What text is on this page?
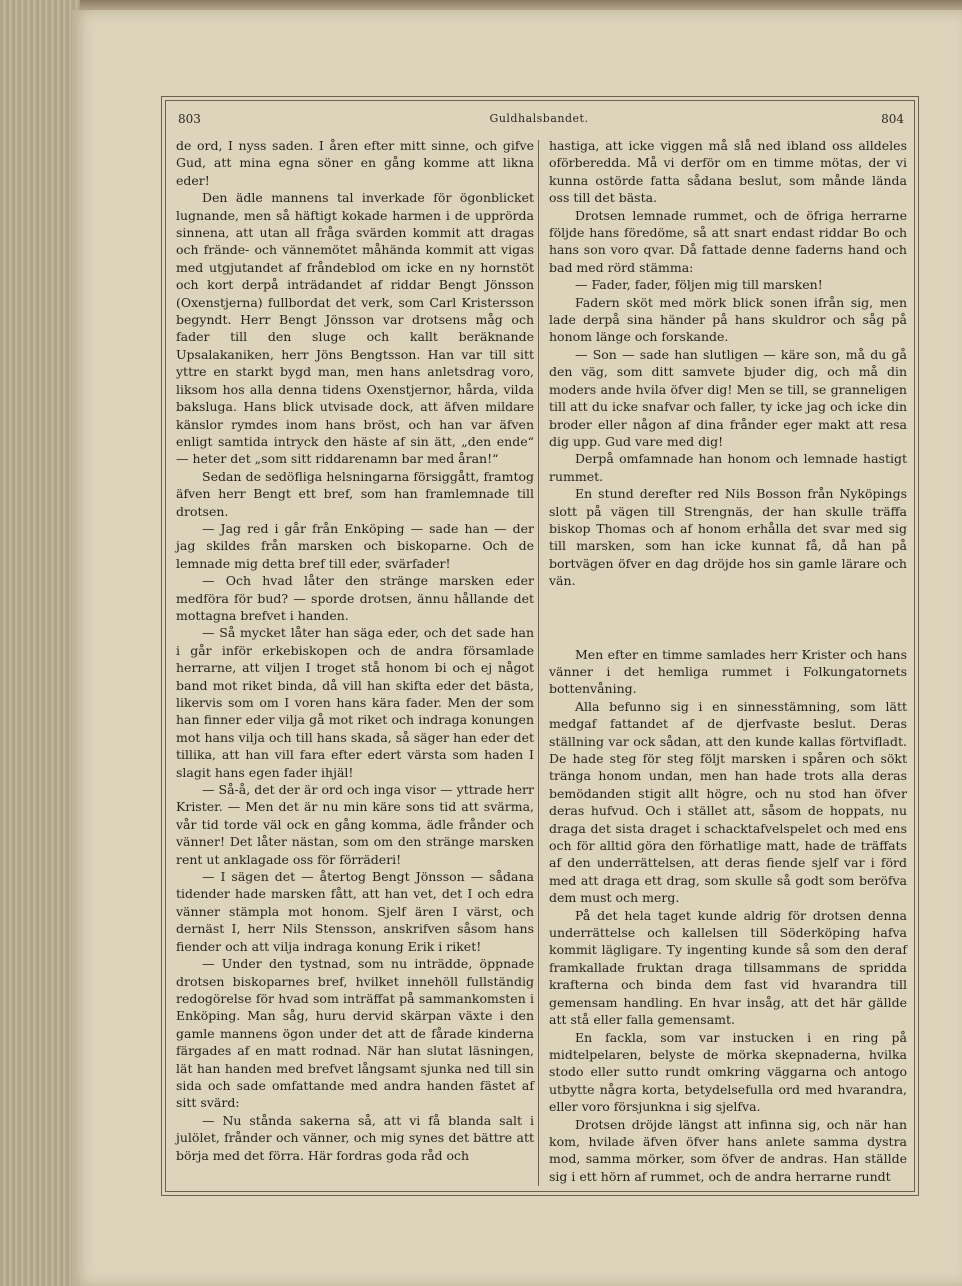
803	Guldhalsbandet.	804

de ord, I nyss saden. I åren efter mitt sinne, och gifve Gud, att mina egna söner en gång komme att likna eder!

Den ädle mannens tal inverkade för ögonblicket lugnande, men så häftigt kokade harmen i de upprörda sinnena, att utan all fråga svärden kommit att dragas och frände- och vännemötet måhända kommit att vigas med utgjutandet af fråndeblod om icke en ny hornstöt och kort derpå inträdandet af riddar Bengt Jönsson (Oxenstjerna) fullbordat det verk, som Carl Kristersson begyndt. Herr Bengt Jönsson var drotsens måg och fader till den sluge och kallt beräknande Upsalakaniken, herr Jöns Bengtsson. Han var till sitt yttre en starkt bygd man, men hans anletsdrag voro, liksom hos alla denna tidens Oxenstjernor, hårda, vilda baksluga. Hans blick utvisade dock, att äfven mildare känslor rymdes inom hans bröst, och han var äfven enligt samtida intryck den häste af sin ätt, „den ende“ — heter det „som sitt riddarenamn bar med åran!“

Sedan de sedöfliga helsningarna försiggått, framtog äfven herr Bengt ett bref, som han framlemnade till drotsen.

— Jag red i går från Enköping — sade han — der jag skildes från marsken och biskoparne. Och de lemnade mig detta bref till eder, svärfader!

— Och hvad låter den stränge marsken eder medföra för bud? — sporde drotsen, ännu hållande det mottagna brefvet i handen.

— Så mycket låter han säga eder, och det sade han i går inför erkebiskopen och de andra församlade herrarne, att viljen I troget stå honom bi och ej något band mot riket binda, då vill han skifta eder det bästa, likervis som om I voren hans kära fader. Men der som han finner eder vilja gå mot riket och indraga konungen mot hans vilja och till hans skada, så säger han eder det tillika, att han vill fara efter edert värsta som haden I slagit hans egen fader ihjäl!

— Så-å, det der är ord och inga visor — yttrade herr Krister. — Men det är nu min käre sons tid att svärma, vår tid torde väl ock en gång komma, ädle frånder och vänner! Det låter nästan, som om den stränge marsken rent ut anklagade oss för förräderi!

— I sägen det — återtog Bengt Jönsson — sådana tidender hade marsken fått, att han vet, det I och edra vänner stämpla mot honom. Sjelf ären I värst, och dernäst I, herr Nils Stensson, anskrifven såsom hans fiender och att vilja indraga konung Erik i riket!

— Under den tystnad, som nu inträdde, öppnade drotsen biskoparnes bref, hvilket innehöll fullständig redogörelse för hvad som inträffat på sammankomsten i Enköping. Man såg, huru dervid skärpan växte i den gamle mannens ögon under det att de fårade kinderna färgades af en matt rodnad. När han slutat läsningen, lät han handen med brefvet långsamt sjunka ned till sin sida och sade omfattande med andra handen fästet af sitt svärd:

— Nu stånda sakerna så, att vi få blanda salt i julölet, frånder och vänner, och mig synes det bättre att börja med det förra. Här fordras goda råd och

hastiga, att icke viggen må slå ned ibland oss alldeles oförberedda. Må vi derför om en timme mötas, der vi kunna ostörde fatta sådana beslut, som månde lända oss till det bästa.

Drotsen lemnade rummet, och de öfriga herrarne följde hans föredöme, så att snart endast riddar Bo och hans son voro qvar. Då fattade denne faderns hand och bad med rörd stämma:

— Fader, fader, följen mig till marsken!

Fadern sköt med mörk blick sonen ifrån sig, men lade derpå sina händer på hans skuldror och såg på honom länge och forskande.

— Son — sade han slutligen — käre son, må du gå den väg, som ditt samvete bjuder dig, och må din moders ande hvila öfver dig! Men se till, se granneligen till att du icke snafvar och faller, ty icke jag och icke din broder eller någon af dina frånder eger makt att resa dig upp. Gud vare med dig!

Derpå omfamnade han honom och lemnade hastigt rummet.

En stund derefter red Nils Bosson från Nyköpings slott på vägen till Strengnäs, der han skulle träffa biskop Thomas och af honom erhålla det svar med sig till marsken, som han icke kunnat få, då han på bortvägen öfver en dag dröjde hos sin gamle lärare och vän.

Men efter en timme samlades herr Krister och hans vänner i det hemliga rummet i Folkungatornets bottenvåning.

Alla befunno sig i en sinnesstämning, som lätt medgaf fattandet af de djerfvaste beslut. Deras ställning var ock sådan, att den kunde kallas förtvifladt. De hade steg för steg följt marsken i spåren och sökt tränga honom undan, men han hade trots alla deras bemödanden stigit allt högre, och nu stod han öfver deras hufvud. Och i stället att, såsom de hoppats, nu draga det sista draget i schacktafvelspelet och med ens och för alltid göra den förhatlige matt, hade de träffats af den underrättelsen, att deras fiende sjelf var i förd med att draga ett drag, som skulle så godt som beröfva dem must och merg.

På det hela taget kunde aldrig för drotsen denna underrättelse och kallelsen till Söderköping hafva kommit lägligare. Ty ingenting kunde så som den deraf framkallade fruktan draga tillsammans de spridda krafterna och binda dem fast vid hvarandra till gemensam handling. En hvar insåg, att det här gällde att stå eller falla gemensamt.

En fackla, som var instucken i en ring på midtelpelaren, belyste de mörka skepnaderna, hvilka stodo eller sutto rundt omkring väggarna och antogo utbytte några korta, betydelsefulla ord med hvarandra, eller voro försjunkna i sig sjelfva.

Drotsen dröjde längst att infinna sig, och när han kom, hvilade äfven öfver hans anlete samma dystra mod, samma mörker, som öfver de andras. Han ställde sig i ett hörn af rummet, och de andra herrarne rundt
